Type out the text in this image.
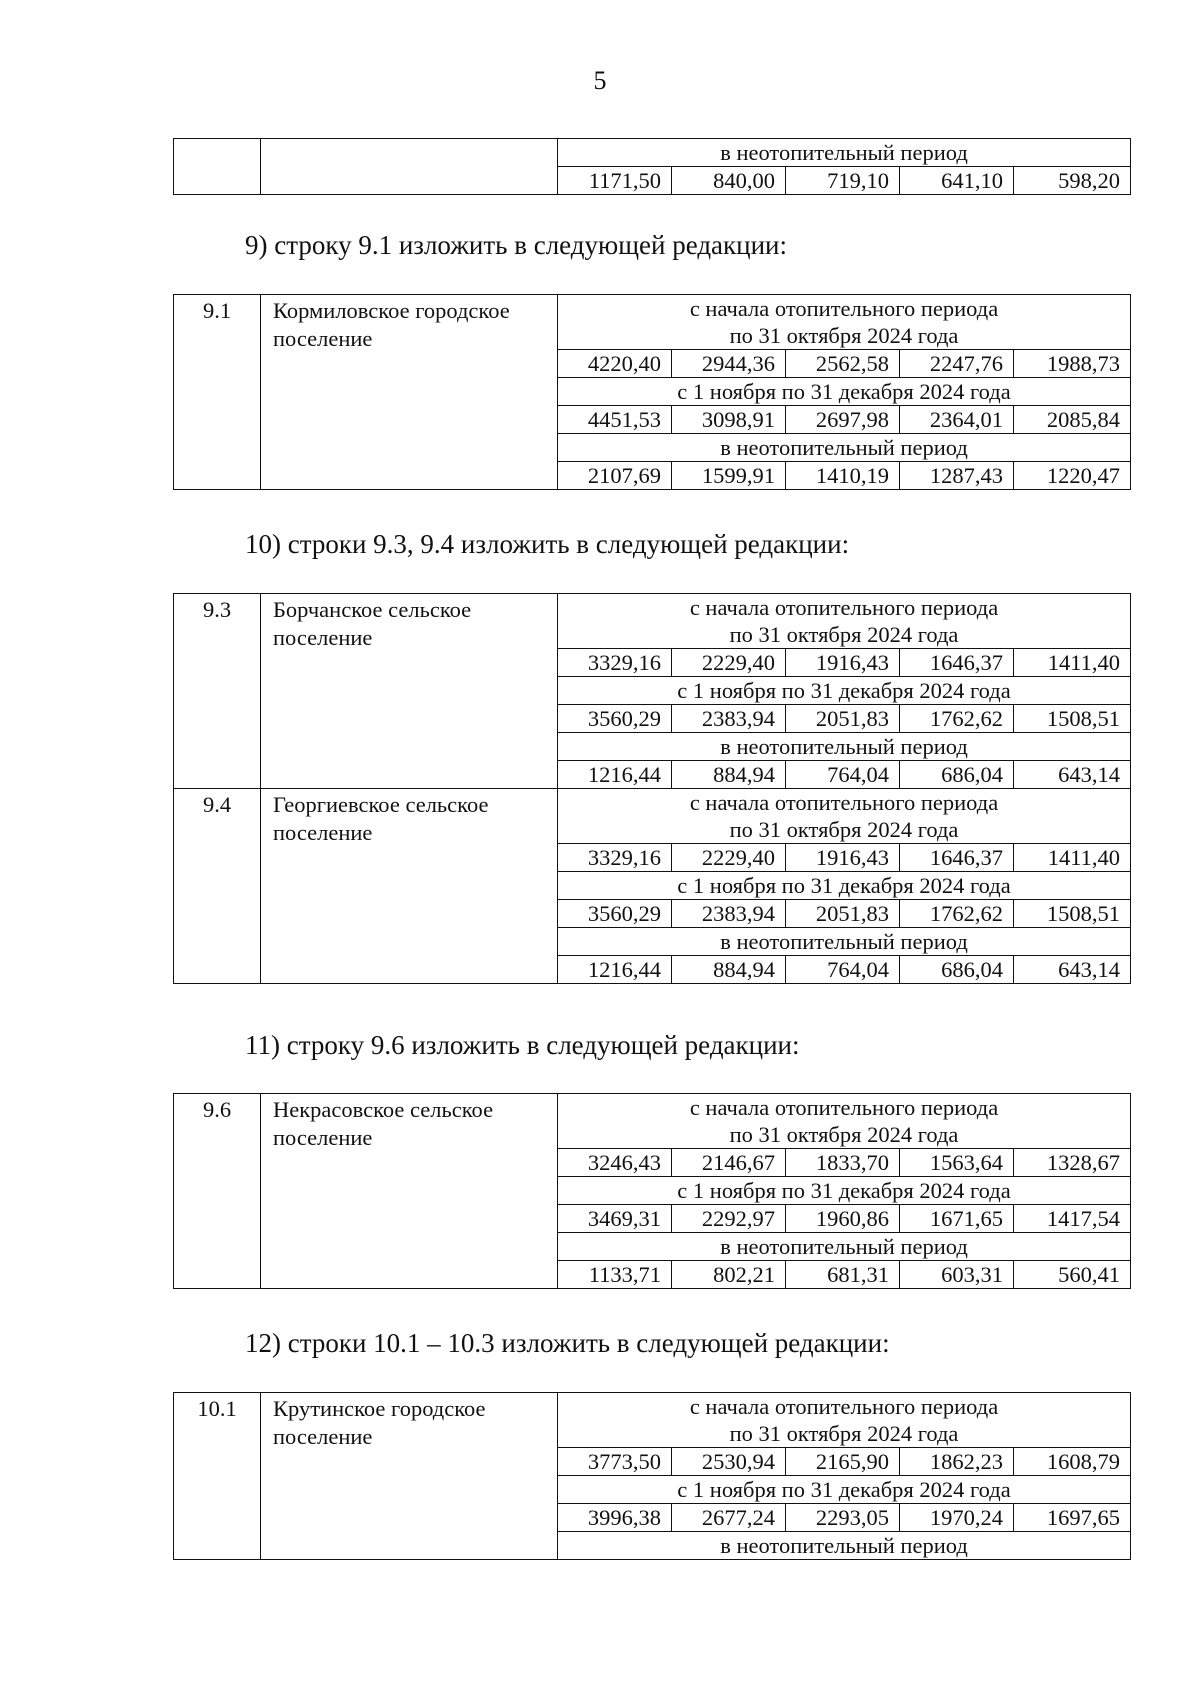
5
		в неотопительный период				
		1171,50	840,00	719,10	641,10	598,20
9) строку 9.1 изложить в следующей редакции:
9.1	Кормиловское городское поселение	с начала отопительного периода
по 31 октября 2024 года				

		4220,40	2944,36	2562,58	2247,76	1988,73

		с 1 ноября по 31 декабря 2024 года				

		4451,53	3098,91	2697,98	2364,01	2085,84

		в неотопительный период				

		2107,69	1599,91	1410,19	1287,43	1220,47
10) строки 9.3, 9.4 изложить в следующей редакции:
9.3	Борчанское сельское поселение	с начала отопительного периода
по 31 октября 2024 года				

		3329,16	2229,40	1916,43	1646,37	1411,40

		с 1 ноября по 31 декабря 2024 года				

		3560,29	2383,94	2051,83	1762,62	1508,51

		в неотопительный период				

		1216,44	884,94	764,04	686,04	643,14
9.4	Георгиевское сельское поселение	с начала отопительного периода
по 31 октября 2024 года				

		3329,16	2229,40	1916,43	1646,37	1411,40

		с 1 ноября по 31 декабря 2024 года				

		3560,29	2383,94	2051,83	1762,62	1508,51

		в неотопительный период				

		1216,44	884,94	764,04	686,04	643,14
11) строку 9.6 изложить в следующей редакции:
9.6	Некрасовское сельское поселение	с начала отопительного периода
по 31 октября 2024 года				

		3246,43	2146,67	1833,70	1563,64	1328,67

		с 1 ноября по 31 декабря 2024 года				

		3469,31	2292,97	1960,86	1671,65	1417,54

		в неотопительный период				

		1133,71	802,21	681,31	603,31	560,41
12) строки 10.1 – 10.3 изложить в следующей редакции:
10.1	Крутинское городское поселение	с начала отопительного периода
по 31 октября 2024 года				

		3773,50	2530,94	2165,90	1862,23	1608,79

		с 1 ноября по 31 декабря 2024 года				

		3996,38	2677,24	2293,05	1970,24	1697,65

		в неотопительный период				
